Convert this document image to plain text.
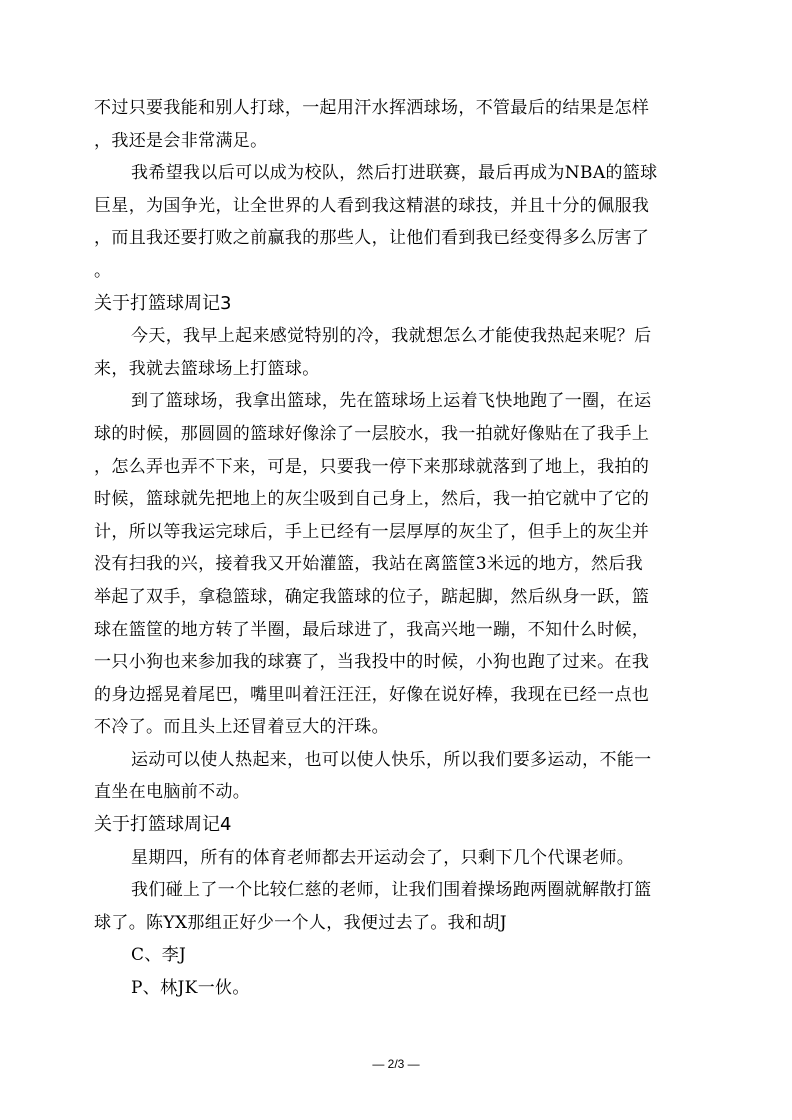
不过只要我能和别人打球，一起用汗水挥洒球场，不管最后的结果是怎样
，我还是会非常满足。
我希望我以后可以成为校队，然后打进联赛，最后再成为NBA的篮球
巨星，为国争光，让全世界的人看到我这精湛的球技，并且十分的佩服我
，而且我还要打败之前赢我的那些人，让他们看到我已经变得多么厉害了
。
关于打篮球周记3
今天，我早上起来感觉特别的冷，我就想怎么才能使我热起来呢？后
来，我就去篮球场上打篮球。
到了篮球场，我拿出篮球，先在篮球场上运着飞快地跑了一圈，在运
球的时候，那圆圆的篮球好像涂了一层胶水，我一拍就好像贴在了我手上
，怎么弄也弄不下来，可是，只要我一停下来那球就落到了地上，我拍的
时候，篮球就先把地上的灰尘吸到自己身上，然后，我一拍它就中了它的
计，所以等我运完球后，手上已经有一层厚厚的灰尘了，但手上的灰尘并
没有扫我的兴，接着我又开始灌篮，我站在离篮筐3米远的地方，然后我
举起了双手，拿稳篮球，确定我篮球的位子，踮起脚，然后纵身一跃，篮
球在篮筐的地方转了半圈，最后球进了，我高兴地一蹦，不知什么时候，
一只小狗也来参加我的球赛了，当我投中的时候，小狗也跑了过来。在我
的身边摇晃着尾巴，嘴里叫着汪汪汪，好像在说好棒，我现在已经一点也
不冷了。而且头上还冒着豆大的汗珠。
运动可以使人热起来，也可以使人快乐，所以我们要多运动，不能一
直坐在电脑前不动。
关于打篮球周记4
星期四，所有的体育老师都去开运动会了，只剩下几个代课老师。
我们碰上了一个比较仁慈的老师，让我们围着操场跑两圈就解散打篮
球了。陈YX那组正好少一个人，我便过去了。我和胡J
C、李J
P、林JK一伙。
— 2/3 —
